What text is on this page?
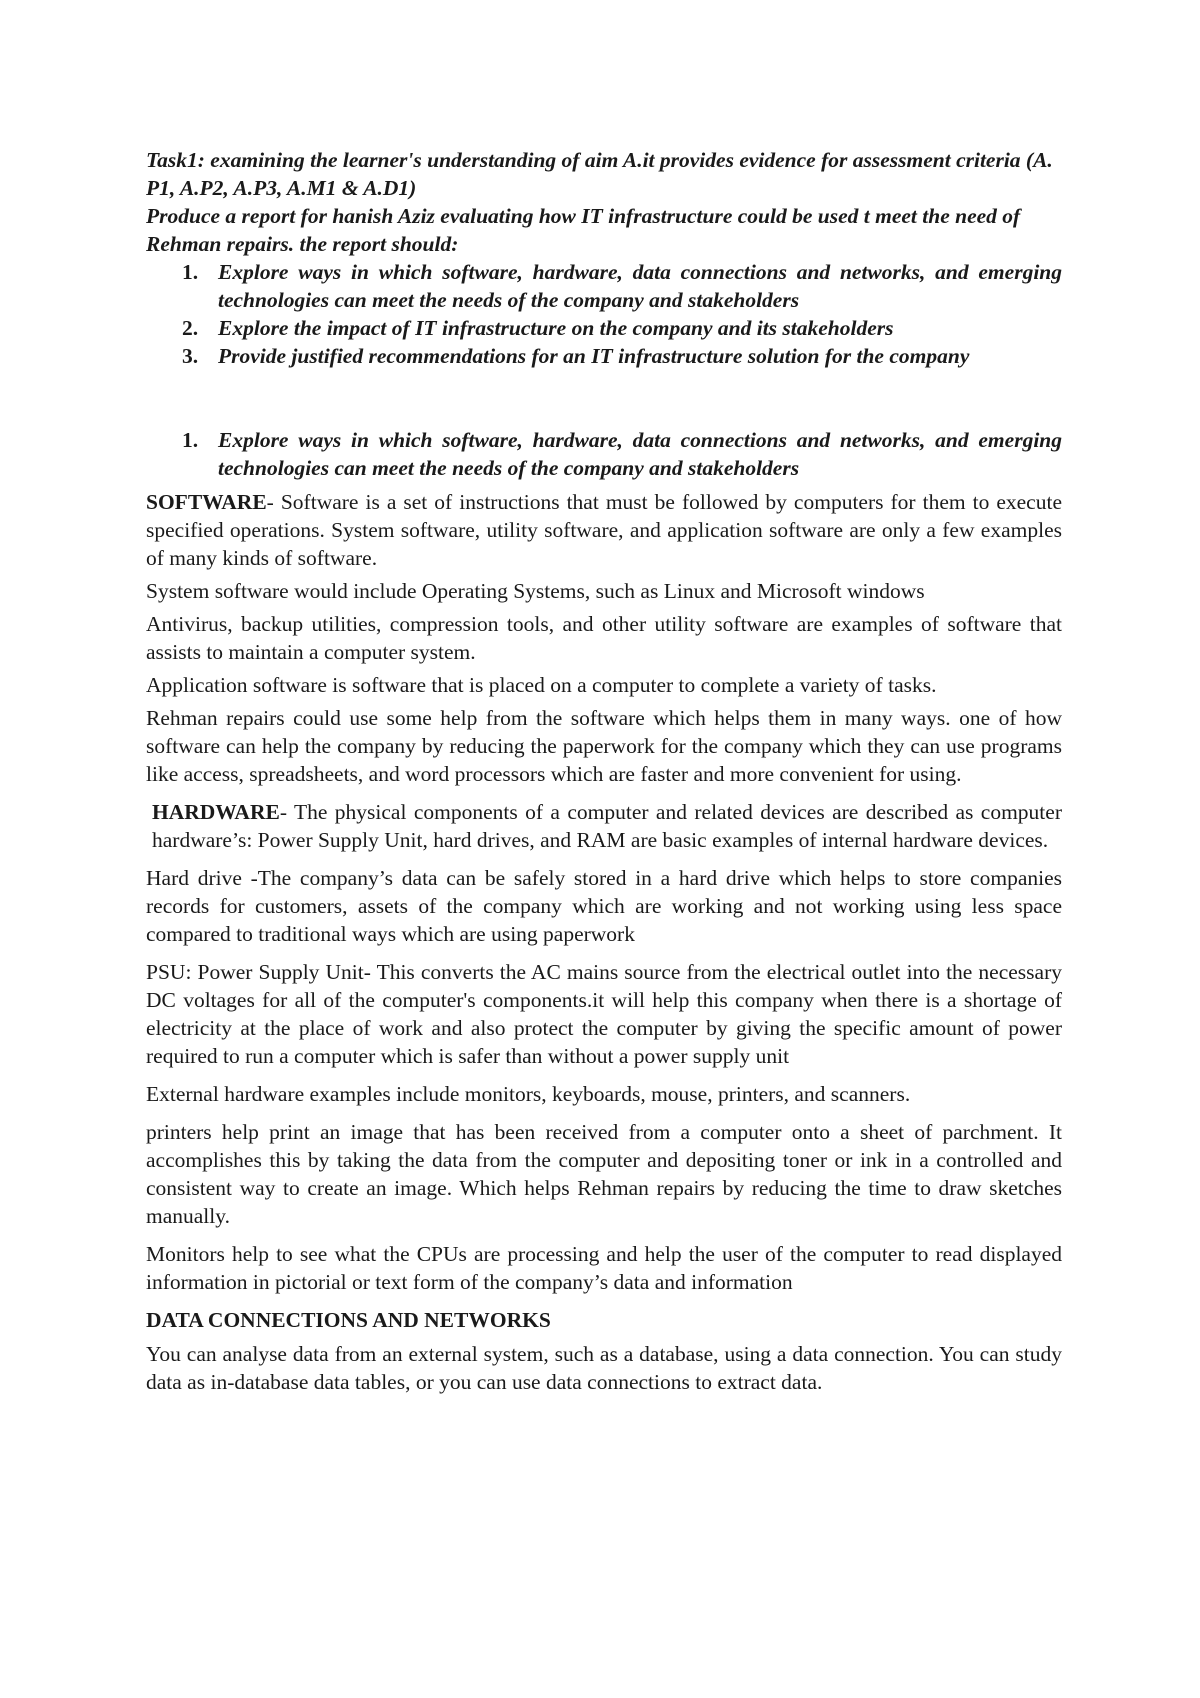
Task1: examining the learner's understanding of aim A.it provides evidence for assessment criteria (A. P1, A.P2, A.P3, A.M1 & A.D1)

Produce a report for hanish Aziz evaluating how IT infrastructure could be used t meet the need of Rehman repairs. the report should:

1. Explore ways in which software, hardware, data connections and networks, and emerging technologies can meet the needs of the company and stakeholders
2. Explore the impact of IT infrastructure on the company and its stakeholders
3. Provide justified recommendations for an IT infrastructure solution for the company
1. Explore ways in which software, hardware, data connections and networks, and emerging technologies can meet the needs of the company and stakeholders

SOFTWARE- Software is a set of instructions that must be followed by computers for them to execute specified operations. System software, utility software, and application software are only a few examples of many kinds of software.

System software would include Operating Systems, such as Linux and Microsoft windows

Antivirus, backup utilities, compression tools, and other utility software are examples of software that assists to maintain a computer system.

Application software is software that is placed on a computer to complete a variety of tasks.

Rehman repairs could use some help from the software which helps them in many ways. one of how software can help the company by reducing the paperwork for the company which they can use programs like access, spreadsheets, and word processors which are faster and more convenient for using.

HARDWARE- The physical components of a computer and related devices are described as computer hardware’s: Power Supply Unit, hard drives, and RAM are basic examples of internal hardware devices.

Hard drive -The company’s data can be safely stored in a hard drive which helps to store companies records for customers, assets of the company which are working and not working using less space compared to traditional ways which are using paperwork

PSU: Power Supply Unit- This converts the AC mains source from the electrical outlet into the necessary DC voltages for all of the computer's components.it will help this company when there is a shortage of electricity at the place of work and also protect the computer by giving the specific amount of power required to run a computer which is safer than without a power supply unit

External hardware examples include monitors, keyboards, mouse, printers, and scanners.

printers help print an image that has been received from a computer onto a sheet of parchment. It accomplishes this by taking the data from the computer and depositing toner or ink in a controlled and consistent way to create an image. Which helps Rehman repairs by reducing the time to draw sketches manually.

Monitors help to see what the CPUs are processing and help the user of the computer to read displayed information in pictorial or text form of the company’s data and information

DATA CONNECTIONS AND NETWORKS

You can analyse data from an external system, such as a database, using a data connection. You can study data as in-database data tables, or you can use data connections to extract data.
